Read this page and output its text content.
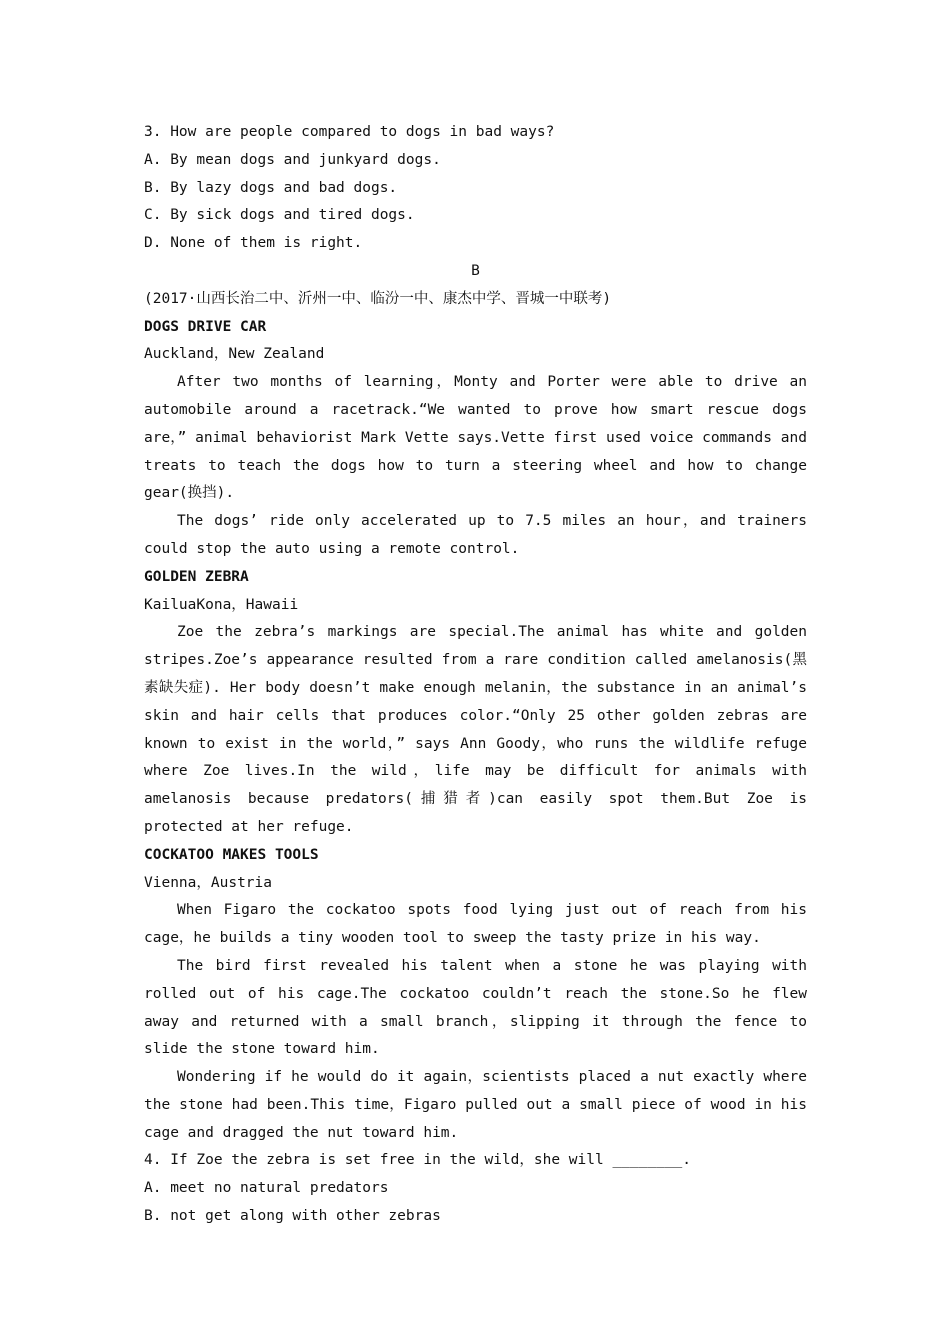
3. How are people compared to dogs in bad ways?
A. By mean dogs and junkyard dogs.
B. By lazy dogs and bad dogs.
C. By sick dogs and tired dogs.
D. None of them is right.
B
(2017·山西长治二中、沂州一中、临汾一中、康杰中学、晋城一中联考)
DOGS DRIVE CAR
Auckland，New Zealand
After two months of learning，Monty and Porter were able to drive an automobile around a racetrack.“We wanted to prove how smart rescue dogs are，” animal behaviorist Mark Vette says.Vette first used voice commands and treats to teach the dogs how to turn a steering wheel and how to change gear(换挡).
The dogs’ ride only accelerated up to 7.5 miles an hour，and trainers could stop the auto using a remote control.
GOLDEN ZEBRA
KailuaKona，Hawaii
Zoe the zebra’s markings are special.The animal has white and golden stripes.Zoe’s appearance resulted from a rare condition called amelanosis(黑素缺失症). Her body doesn’t make enough melanin，the substance in an animal’s skin and hair cells that produces color.“Only 25 other golden zebras are known to exist in the world，” says Ann Goody，who runs the wildlife refuge where Zoe lives.In the wild，life may be difficult for animals with amelanosis because predators(捕猎者)can easily spot them.But Zoe is protected at her refuge.
COCKATOO MAKES TOOLS
Vienna，Austria
When Figaro the cockatoo spots food lying just out of reach from his cage，he builds a tiny wooden tool to sweep the tasty prize in his way.
The bird first revealed his talent when a stone he was playing with rolled out of his cage.The cockatoo couldn’t reach the stone.So he flew away and returned with a small branch，slipping it through the fence to slide the stone toward him.
Wondering if he would do it again，scientists placed a nut exactly where the stone had been.This time，Figaro pulled out a small piece of wood in his cage and dragged the nut toward him.
4. If Zoe the zebra is set free in the wild，she will ________.
A. meet no natural predators
B. not get along with other zebras
